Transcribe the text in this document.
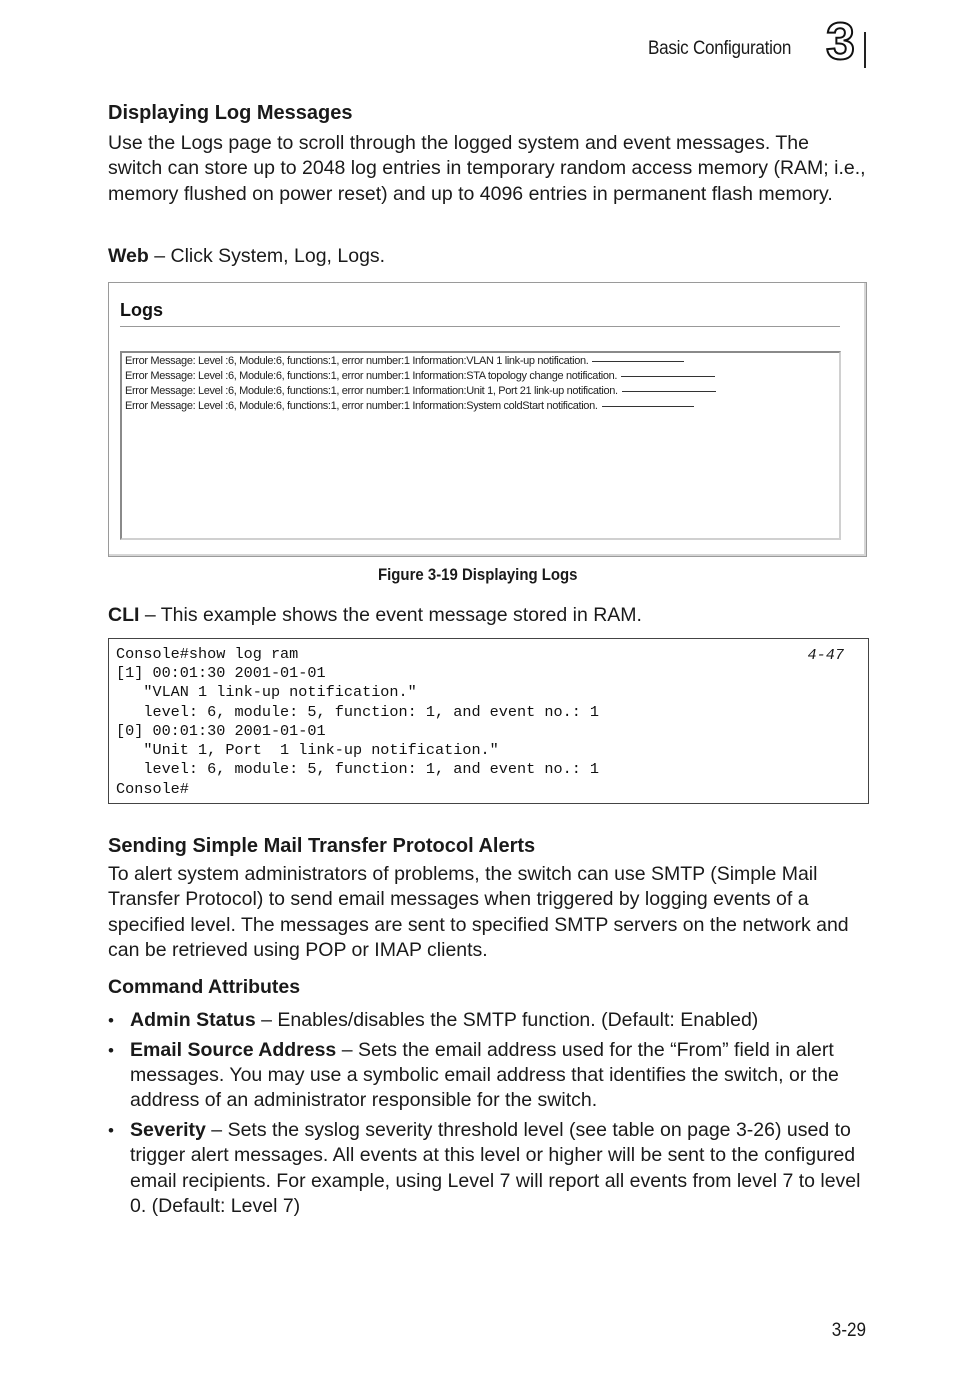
Basic Configuration 3
Displaying Log Messages

Use the Logs page to scroll through the logged system and event messages. The switch can store up to 2048 log entries in temporary random access memory (RAM; i.e., memory flushed on power reset) and up to 4096 entries in permanent flash memory.

Web – Click System, Log, Logs.

Logs
Error Message: Level :6, Module:6, functions:1, error number:1 Information:VLAN 1 link-up notification.
Error Message: Level :6, Module:6, functions:1, error number:1 Information:STA topology change notification.
Error Message: Level :6, Module:6, functions:1, error number:1 Information:Unit 1, Port 21 link-up notification.
Error Message: Level :6, Module:6, functions:1, error number:1 Information:System coldStart notification.
Figure 3-19 Displaying Logs

CLI – This example shows the event message stored in RAM.

4-47
Console#show log ram
[1] 00:01:30 2001-01-01
"VLAN 1 link-up notification."
level: 6, module: 5, function: 1, and event no.: 1
[0] 00:01:30 2001-01-01
"Unit 1, Port  1 link-up notification."
level: 6, module: 5, function: 1, and event no.: 1
Console#
Sending Simple Mail Transfer Protocol Alerts

To alert system administrators of problems, the switch can use SMTP (Simple Mail Transfer Protocol) to send email messages when triggered by logging events of a specified level. The messages are sent to specified SMTP servers on the network and can be retrieved using POP or IMAP clients.

Command Attributes

• Admin Status – Enables/disables the SMTP function. (Default: Enabled)
• Email Source Address – Sets the email address used for the “From” field in alert messages. You may use a symbolic email address that identifies the switch, or the address of an administrator responsible for the switch.
• Severity – Sets the syslog severity threshold level (see table on page 3-26) used to trigger alert messages. All events at this level or higher will be sent to the configured email recipients. For example, using Level 7 will report all events from level 7 to level 0. (Default: Level 7)
3-29
